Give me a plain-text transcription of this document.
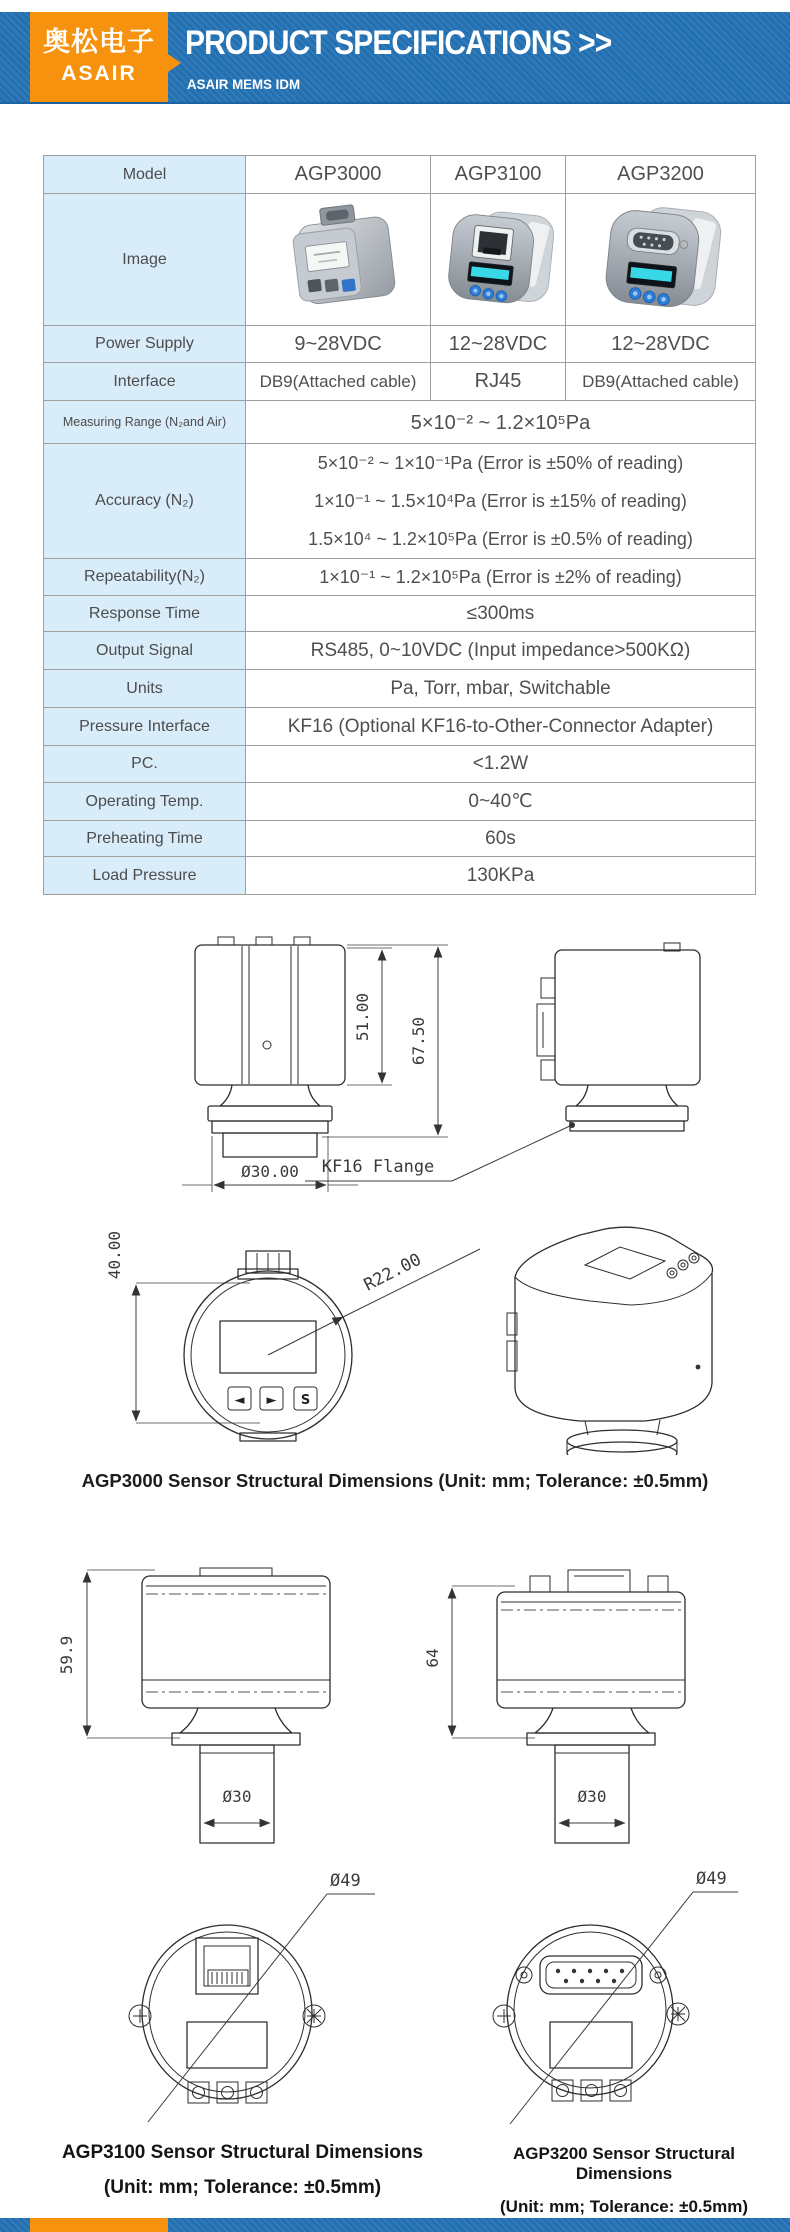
奥松电子
ASAIR
PRODUCT SPECIFICATIONS >>
ASAIR MEMS IDM
Model	AGP3000	AGP3100	AGP3200
Image	

Power Supply	9~28VDC	12~28VDC	12~28VDC
Interface	DB9(Attached cable)	RJ45	DB9(Attached cable)
Measuring Range (N₂and Air)	5×10⁻² ~ 1.2×10⁵Pa		
Accuracy (N₂)	5×10⁻² ~ 1×10⁻¹Pa (Error is ±50% of reading)
1×10⁻¹ ~ 1.5×10⁴Pa (Error is ±15% of reading)
1.5×10⁴ ~ 1.2×10⁵Pa (Error is ±0.5% of reading)		

Repeatability(N₂)	1×10⁻¹ ~ 1.2×10⁵Pa (Error is ±2% of reading)		
Response Time	≤300ms		
Output Signal	RS485, 0~10VDC (Input impedance>500KΩ)		
Units	Pa, Torr, mbar, Switchable		
Pressure Interface	KF16 (Optional KF16-to-Other-Connector Adapter)		
PC.	<1.2W		
Operating Temp.	0~40℃		
Preheating Time	60s		
Load Pressure	130KPa		
51.00 67.50
Ø30.00 KF16 Flange
40.00
◄ ► S
R22.00
AGP3000 Sensor Structural Dimensions (Unit: mm; Tolerance: ±0.5mm)
59.9
Ø30
64
Ø30
Ø49	Ø49
AGP3100 Sensor Structural Dimensions
(Unit: mm; Tolerance: ±0.5mm)
AGP3200 Sensor Structural Dimensions
(Unit: mm; Tolerance: ±0.5mm)
